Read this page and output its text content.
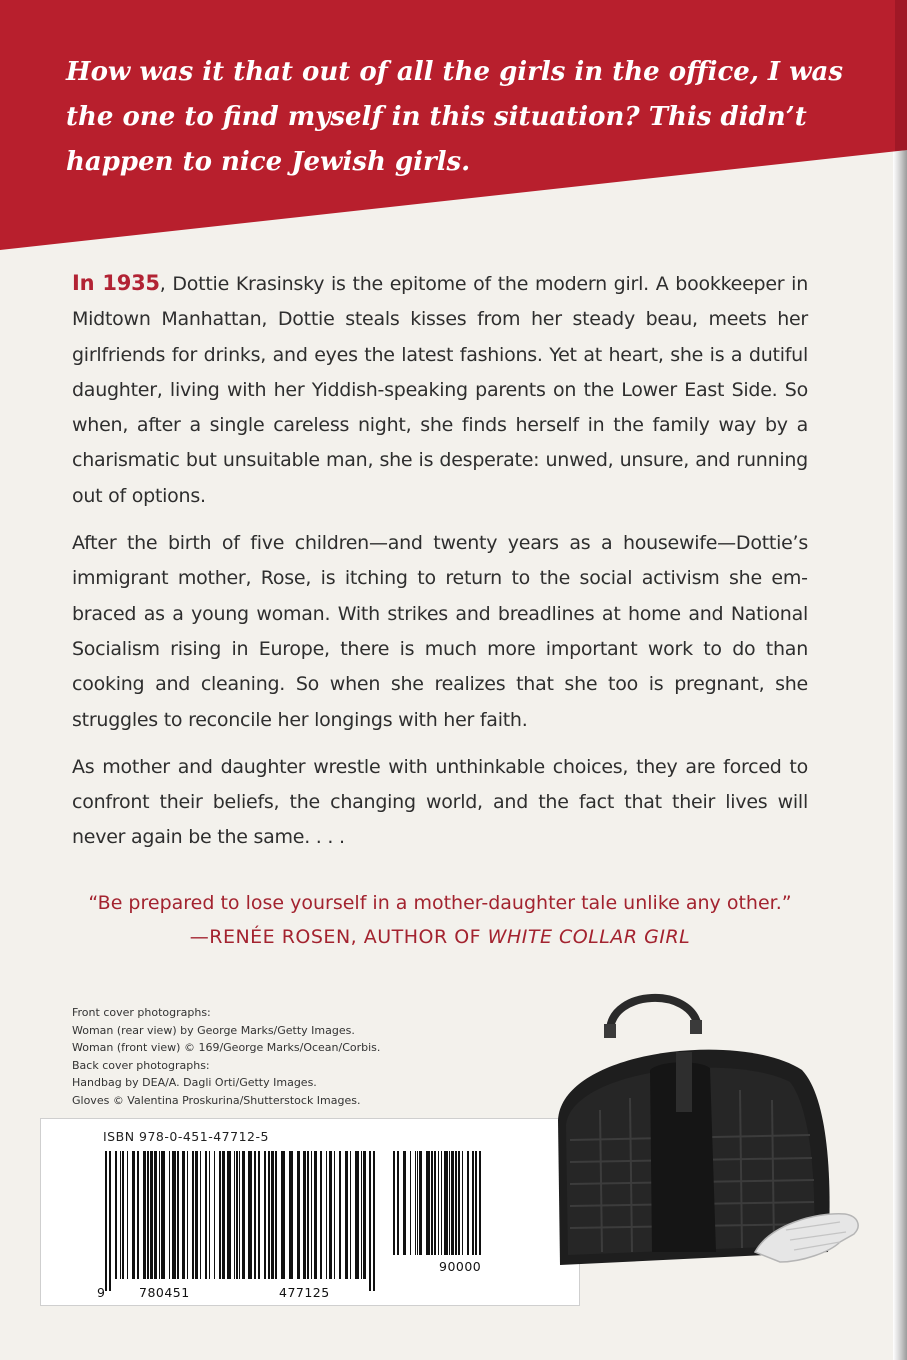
How was it that out of all the girls in the office, I was the one to find myself in this situation? This didn’t happen to nice Jewish girls.

In 1935, Dottie Krasinsky is the epitome of the modern girl. A bookkeeper in Midtown Manhattan, Dottie steals kisses from her steady beau, meets her girlfriends for drinks, and eyes the latest fashions. Yet at heart, she is a dutiful daughter, living with her Yiddish-speaking parents on the Lower East Side. So when, after a single careless night, she finds herself in the family way by a charismatic but unsuitable man, she is desperate: unwed, unsure, and running out of options.

After the birth of five children—and twenty years as a housewife—Dottie’s immigrant mother, Rose, is itching to return to the social activism she embraced as a young woman. With strikes and breadlines at home and National Socialism rising in Europe, there is much more important work to do than cooking and cleaning. So when she realizes that she too is pregnant, she struggles to reconcile her longings with her faith.

As mother and daughter wrestle with unthinkable choices, they are forced to confront their beliefs, the changing world, and the fact that their lives will never again be the same. . . .

“Be prepared to lose yourself in a mother-daughter tale unlike any other.”
—RENÉE ROSEN, AUTHOR OF WHITE COLLAR GIRL
Front cover photographs:
Woman (rear view) by George Marks/Getty Images.
Woman (front view) © 169/George Marks/Ocean/Corbis.
Back cover photographs:
Handbag by DEA/A. Dagli Orti/Getty Images.
Gloves © Valentina Proskurina/Shutterstock Images.
ISBN 978-0-451-47712-5
9	780451	477125
90000
